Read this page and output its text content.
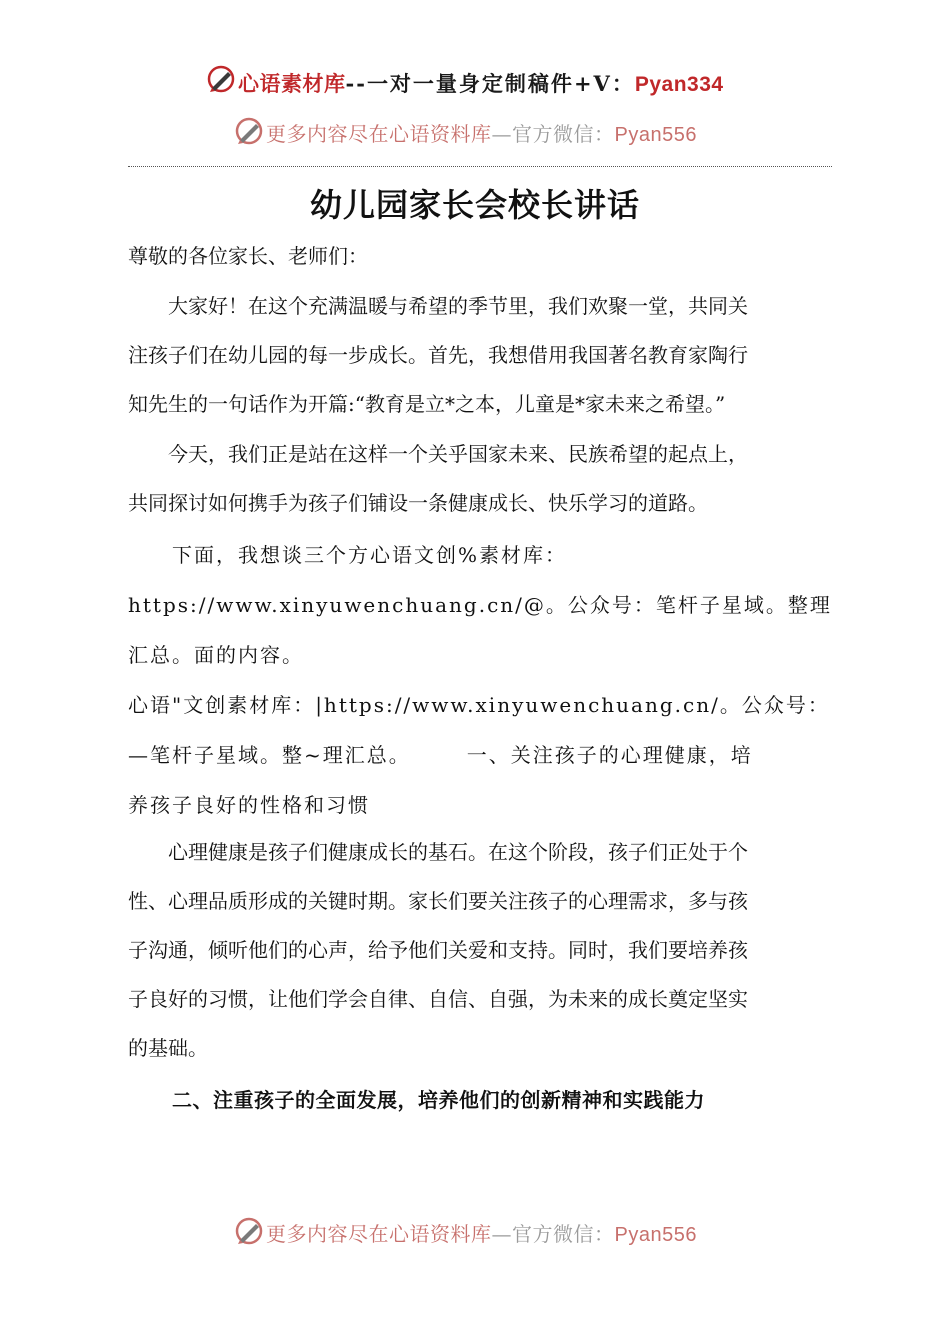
心语素材库--一对一量身定制稿件+V：Pyan334
更多内容尽在心语资料库—官方微信：Pyan556
幼儿园家长会校长讲话
尊敬的各位家长、老师们：
　　大家好！在这个充满温暖与希望的季节里，我们欢聚一堂，共同关
注孩子们在幼儿园的每一步成长。首先，我想借用我国著名教育家陶行
知先生的一句话作为开篇:“教育是立*之本，儿童是*家未来之希望。”
　　今天，我们正是站在这样一个关乎国家未来、民族希望的起点上，
共同探讨如何携手为孩子们铺设一条健康成长、快乐学习的道路。
　　下面，我想谈三个方心语文创%素材库：
https://www.xinyuwenchuang.cn/@。公众号：笔杆子星域。整理
汇总。面的内容。
心语"文创素材库：|https://www.xinyuwenchuang.cn/。公众号：
—笔杆子星域。整~理汇总。　　　一、关注孩子的心理健康，培
养孩子良好的性格和习惯
　　心理健康是孩子们健康成长的基石。在这个阶段，孩子们正处于个
性、心理品质形成的关键时期。家长们要关注孩子的心理需求，多与孩
子沟通，倾听他们的心声，给予他们关爱和支持。同时，我们要培养孩
子良好的习惯，让他们学会自律、自信、自强，为未来的成长奠定坚实
的基础。
二、注重孩子的全面发展，培养他们的创新精神和实践能力
更多内容尽在心语资料库—官方微信：Pyan556
